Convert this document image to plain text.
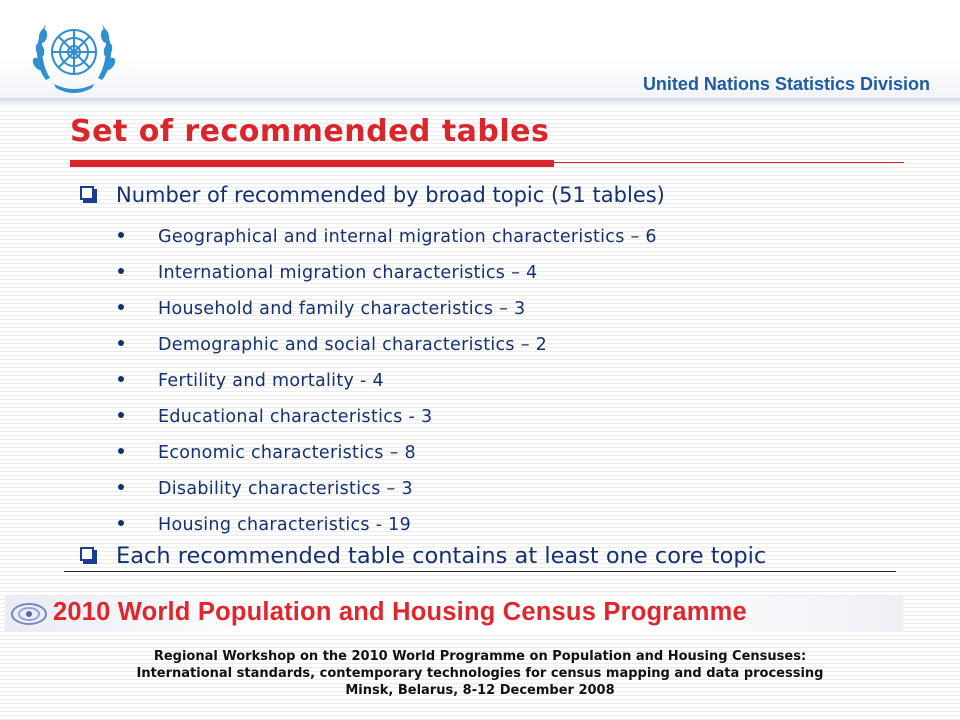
United Nations Statistics Division
Set of recommended tables
Number of recommended by broad topic (51 tables)
Geographical and internal migration characteristics – 6
International migration characteristics – 4
Household and family characteristics – 3
Demographic and social characteristics – 2
Fertility and mortality - 4
Educational characteristics - 3
Economic characteristics – 8
Disability characteristics – 3
Housing characteristics - 19
Each recommended table contains at least one core topic
2010 World Population and Housing Census Programme
Regional Workshop on the 2010 World Programme on Population and Housing Censuses:
International standards, contemporary technologies for census mapping and data processing
Minsk, Belarus, 8-12 December 2008
